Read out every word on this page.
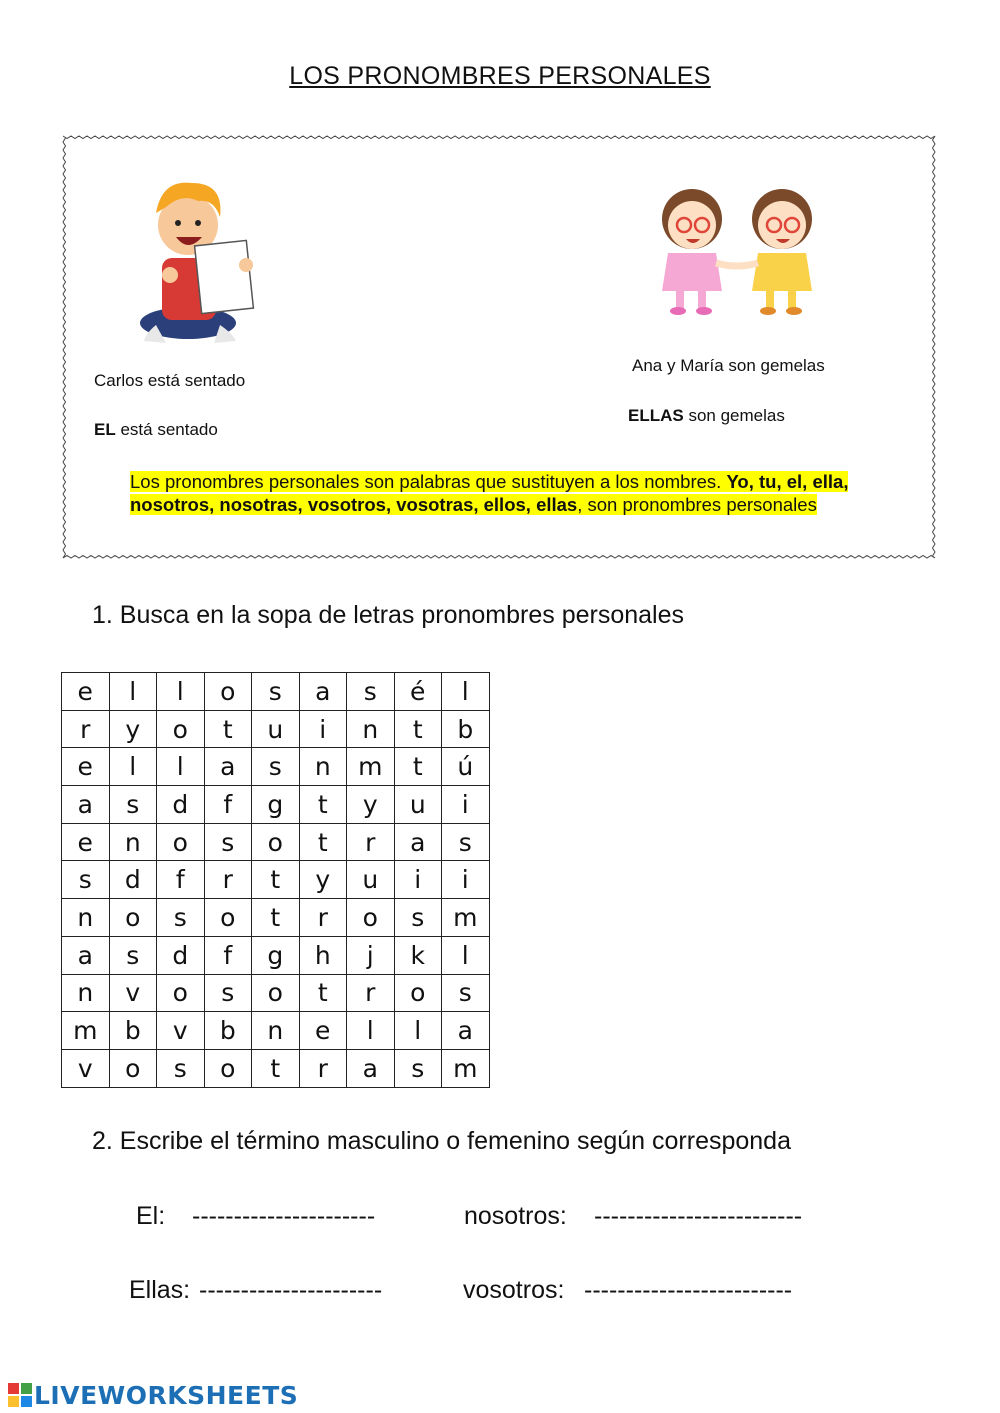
LOS PRONOMBRES PERSONALES
Carlos está sentado
EL está sentado
Ana y María son gemelas
ELLAS son gemelas
Los pronombres personales son palabras que sustituyen a los nombres. Yo, tu, el, ella, nosotros, nosotras, vosotros, vosotras, ellos, ellas, son pronombres personales
1. Busca en la sopa de letras pronombres personales
e	l	l	o	s	a	s	é	l
r	y	o	t	u	i	n	t	b
e	l	l	a	s	n	m	t	ú
a	s	d	f	g	t	y	u	i
e	n	o	s	o	t	r	a	s
s	d	f	r	t	y	u	i	i
n	o	s	o	t	r	o	s	m
a	s	d	f	g	h	j	k	l
n	v	o	s	o	t	r	o	s
m	b	v	b	n	e	l	l	a
v	o	s	o	t	r	a	s	m
2. Escribe el término masculino o femenino según corresponda
El: ----------------------	nosotros: -------------------------
Ellas: ----------------------	vosotros: -------------------------
LIVEWORKSHEETS
